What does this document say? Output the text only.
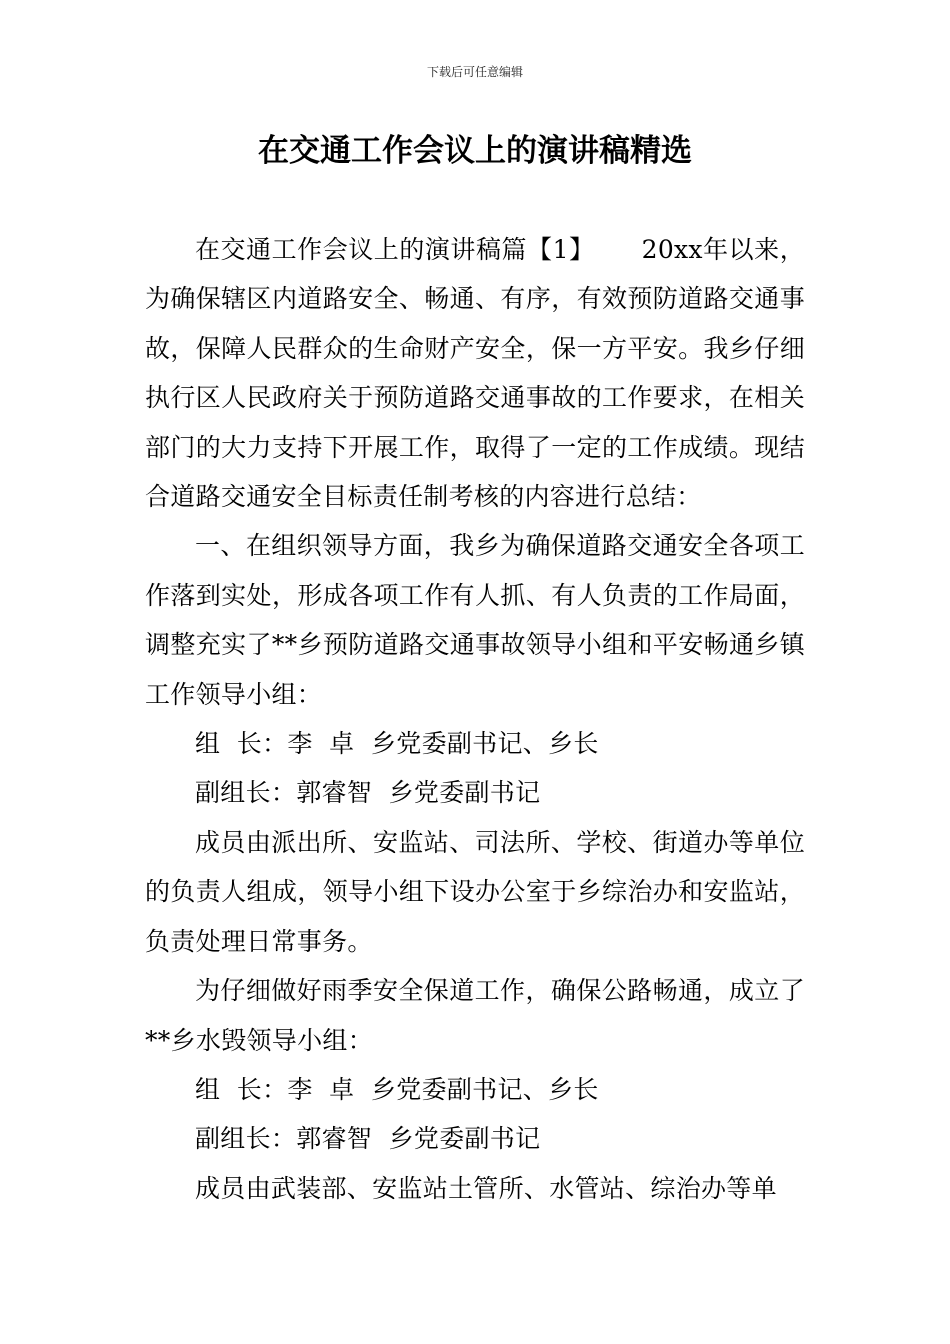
下载后可任意编辑
在交通工作会议上的演讲稿精选

在交通工作会议上的演讲稿篇【1】　　 20xx年以来，为确保辖区内道路安全、畅通、有序，有效预防道路交通事故，保障人民群众的生命财产安全，保一方平安。我乡仔细执行区人民政府关于预防道路交通事故的工作要求，在相关部门的大力支持下开展工作，取得了一定的工作成绩。现结合道路交通安全目标责任制考核的内容进行总结：

一、在组织领导方面，我乡为确保道路交通安全各项工作落到实处，形成各项工作有人抓、有人负责的工作局面，调整充实了**乡预防道路交通事故领导小组和平安畅通乡镇工作领导小组：

组  长：李  卓  乡党委副书记、乡长

副组长：郭睿智  乡党委副书记

成员由派出所、安监站、司法所、学校、街道办等单位的负责人组成，领导小组下设办公室于乡综治办和安监站，负责处理日常事务。

为仔细做好雨季安全保道工作，确保公路畅通，成立了**乡水毁领导小组：

组  长：李  卓  乡党委副书记、乡长

副组长：郭睿智  乡党委副书记

成员由武装部、安监站土管所、水管站、综治办等单
